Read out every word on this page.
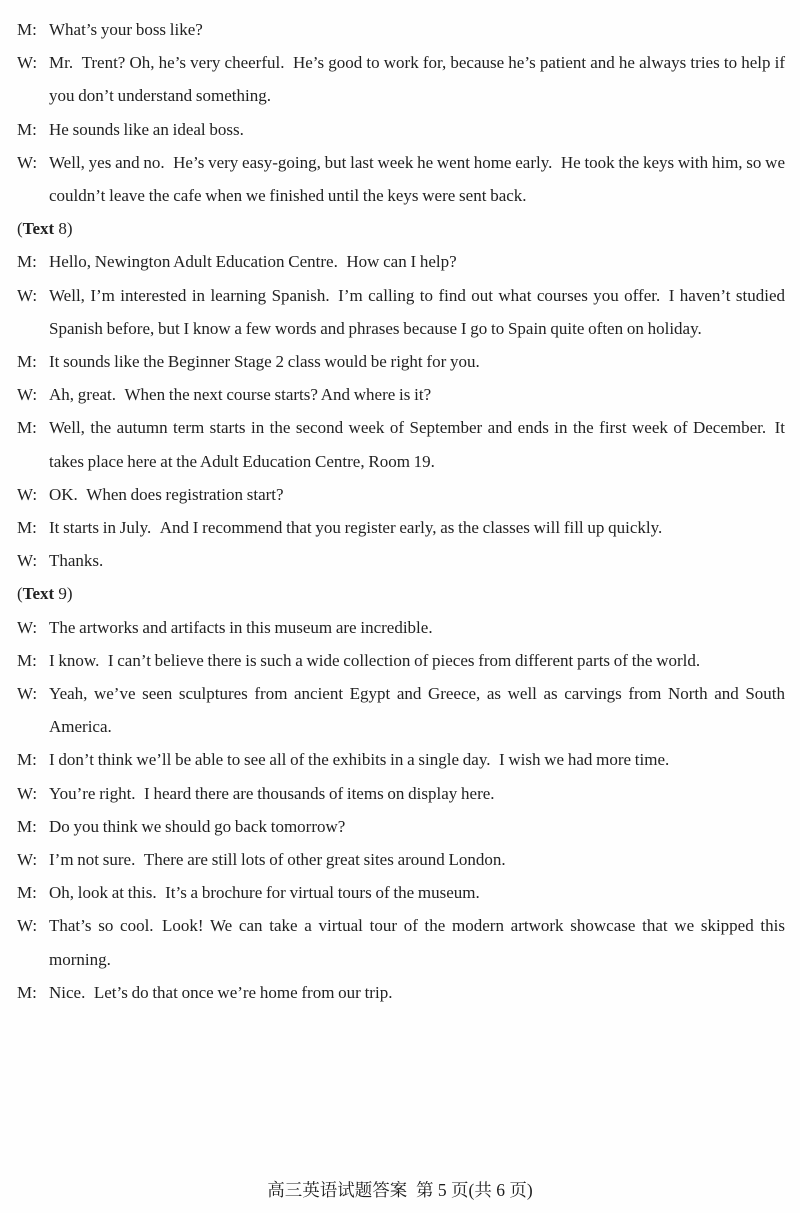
M: What’s your boss like?

W: Mr. Trent? Oh, he’s very cheerful. He’s good to work for, because he’s patient and he always tries to help if you don’t understand something.

M: He sounds like an ideal boss.

W: Well, yes and no. He’s very easy-going, but last week he went home early. He took the keys with him, so we couldn’t leave the cafe when we finished until the keys were sent back.

(Text 8)

M: Hello, Newington Adult Education Centre. How can I help?

W: Well, I’m interested in learning Spanish. I’m calling to find out what courses you offer. I haven’t studied Spanish before, but I know a few words and phrases because I go to Spain quite often on holiday.

M: It sounds like the Beginner Stage 2 class would be right for you.

W: Ah, great. When the next course starts? And where is it?

M: Well, the autumn term starts in the second week of September and ends in the first week of December. It takes place here at the Adult Education Centre, Room 19.

W: OK. When does registration start?

M: It starts in July. And I recommend that you register early, as the classes will fill up quickly.

W: Thanks.

(Text 9)

W: The artworks and artifacts in this museum are incredible.

M: I know. I can’t believe there is such a wide collection of pieces from different parts of the world.

W: Yeah, we’ve seen sculptures from ancient Egypt and Greece, as well as carvings from North and South America.

M: I don’t think we’ll be able to see all of the exhibits in a single day. I wish we had more time.

W: You’re right. I heard there are thousands of items on display here.

M: Do you think we should go back tomorrow?

W: I’m not sure. There are still lots of other great sites around London.

M: Oh, look at this. It’s a brochure for virtual tours of the museum.

W: That’s so cool. Look! We can take a virtual tour of the modern artwork showcase that we skipped this morning.

M: Nice. Let’s do that once we’re home from our trip.

高三英语试题答案  第 5 页(共 6 页)
